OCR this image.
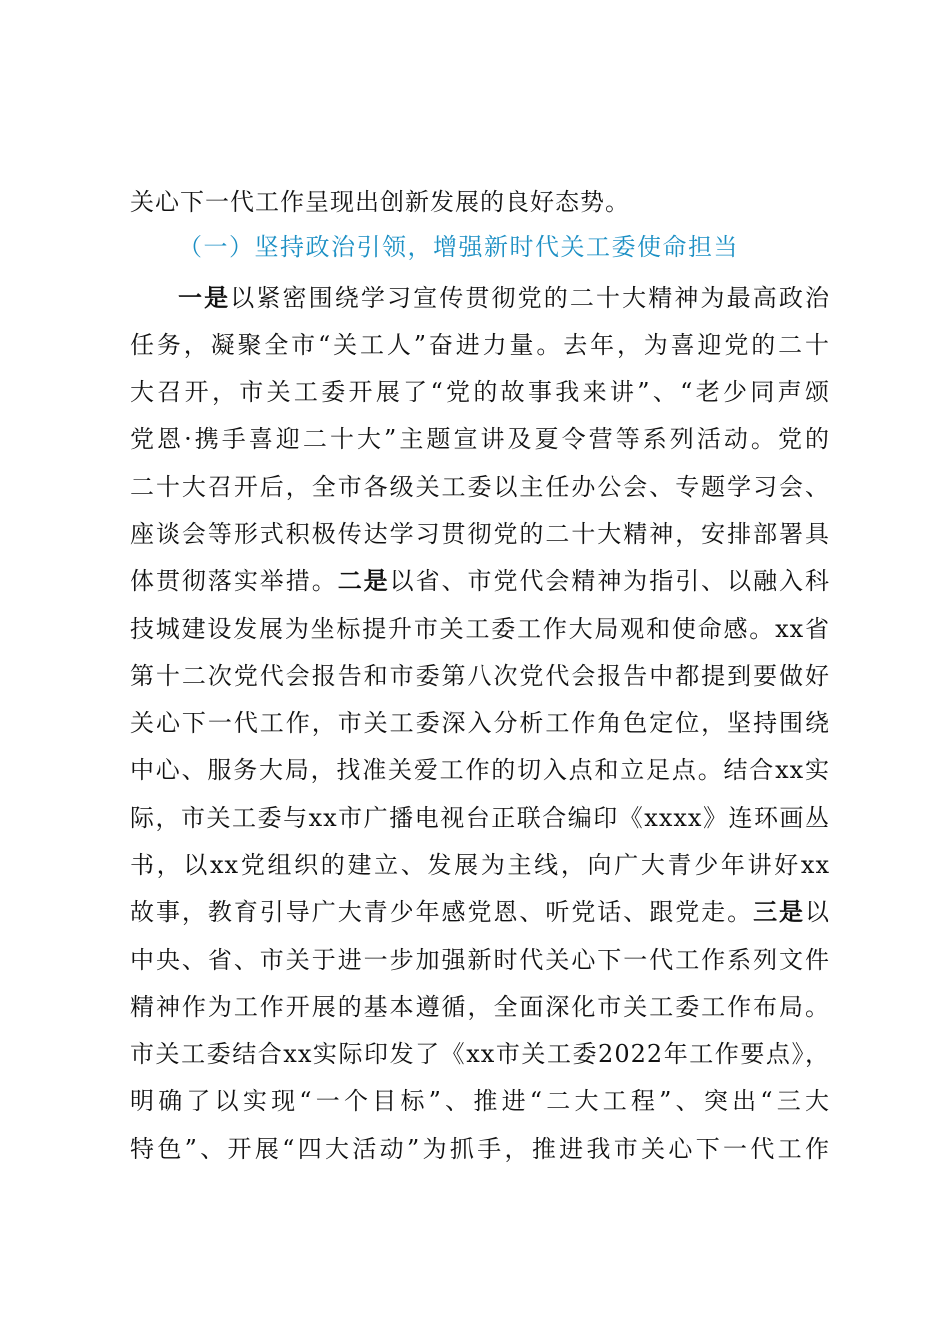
关心下一代工作呈现出创新发展的良好态势。
（一）坚持政治引领，增强新时代关工委使命担当
一是以紧密围绕学习宣传贯彻党的二十大精神为最高政治
任务，凝聚全市“关工人”奋进力量。去年，为喜迎党的二十
大召开，市关工委开展了“党的故事我来讲”、“老少同声颂
党恩·携手喜迎二十大”主题宣讲及夏令营等系列活动。党的
二十大召开后，全市各级关工委以主任办公会、专题学习会、
座谈会等形式积极传达学习贯彻党的二十大精神，安排部署具
体贯彻落实举措。二是以省、市党代会精神为指引、以融入科
技城建设发展为坐标提升市关工委工作大局观和使命感。xx省
第十二次党代会报告和市委第八次党代会报告中都提到要做好
关心下一代工作，市关工委深入分析工作角色定位，坚持围绕
中心、服务大局，找准关爱工作的切入点和立足点。结合xx实
际，市关工委与xx市广播电视台正联合编印《xxxx》连环画丛
书，以xx党组织的建立、发展为主线，向广大青少年讲好xx
故事，教育引导广大青少年感党恩、听党话、跟党走。三是以
中央、省、市关于进一步加强新时代关心下一代工作系列文件
精神作为工作开展的基本遵循，全面深化市关工委工作布局。
市关工委结合xx实际印发了《xx市关工委2022年工作要点》，
明确了以实现“一个目标”、推进“二大工程”、突出“三大
特色”、开展“四大活动”为抓手，推进我市关心下一代工作
